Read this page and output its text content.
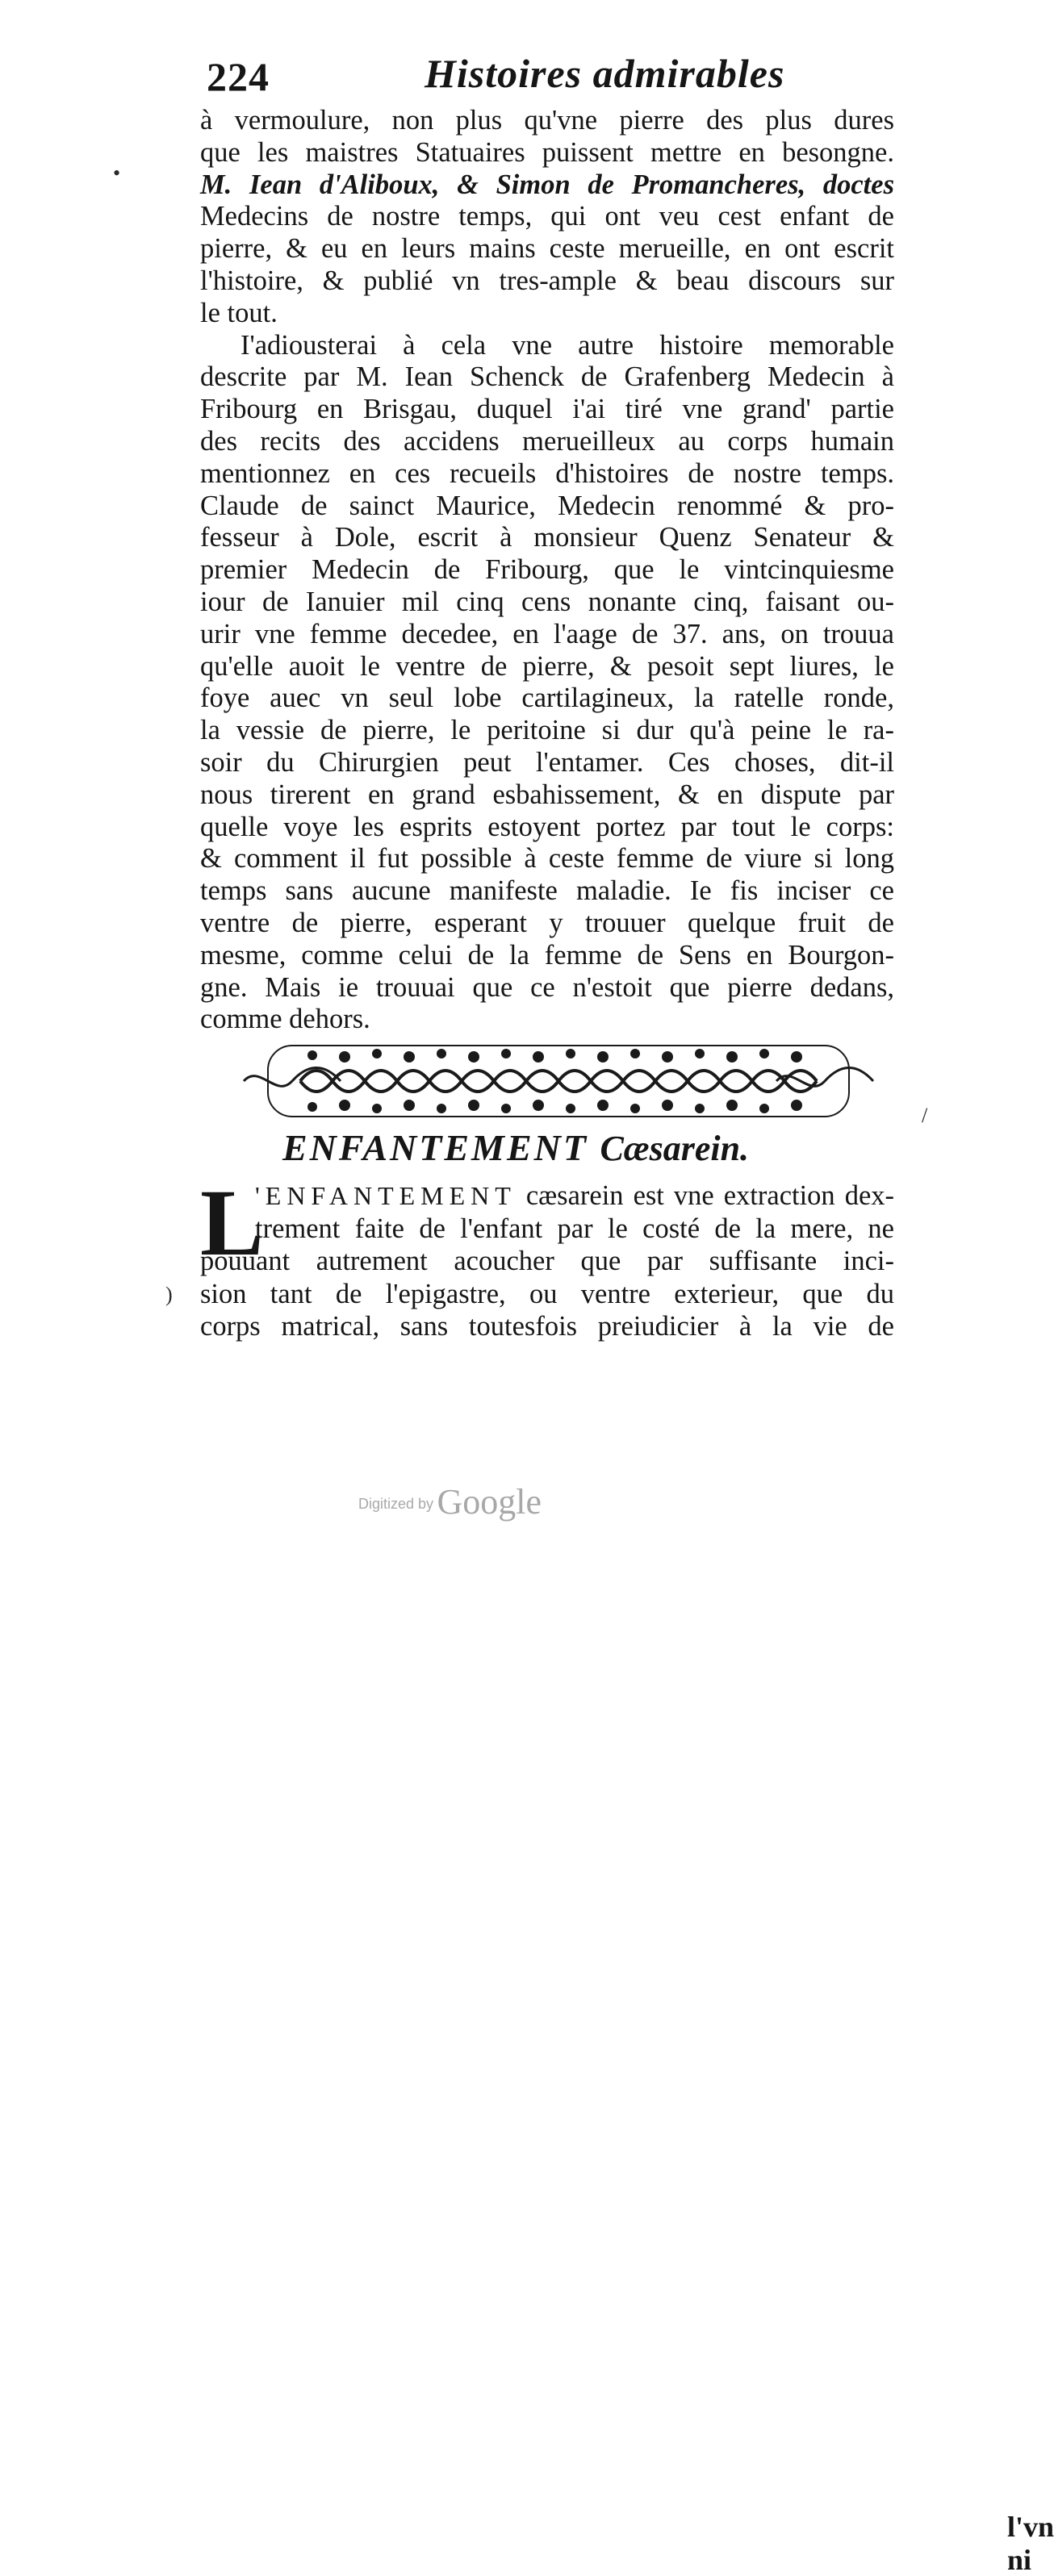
224	Histoires admirables
à vermoulure, non plus qu'vne pierre des plus dures
que les maistres Statuaires puissent mettre en besongne.
M. Iean d'Aliboux, & Simon de Promancheres, doctes
Medecins de nostre temps, qui ont veu cest enfant de
pierre, & eu en leurs mains ceste merueille, en ont escrit
l'histoire, & publié vn tres-ample & beau discours sur
le tout.
I'adiousterai à cela vne autre histoire memorable
descrite par M. Iean Schenck de Grafenberg Medecin à
Fribourg en Brisgau, duquel i'ai tiré vne grand' partie
des recits des accidens merueilleux au corps humain
mentionnez en ces recueils d'histoires de nostre temps.
Claude de sainct Maurice, Medecin renommé & pro-
fesseur à Dole, escrit à monsieur Quenz Senateur &
premier Medecin de Fribourg, que le vintcinquiesme
iour de Ianuier mil cinq cens nonante cinq, faisant ou-
urir vne femme decedee, en l'aage de 37. ans, on trouua
qu'elle auoit le ventre de pierre, & pesoit sept liures, le
foye auec vn seul lobe cartilagineux, la ratelle ronde,
la vessie de pierre, le peritoine si dur qu'à peine le ra-
soir du Chirurgien peut l'entamer. Ces choses, dit-il
nous tirerent en grand esbahissement, & en dispute par
quelle voye les esprits estoyent portez par tout le corps:
& comment il fut possible à ceste femme de viure si long
temps sans aucune manifeste maladie. Ie fis inciser ce
ventre de pierre, esperant y trouuer quelque fruit de
mesme, comme celui de la femme de Sens en Bourgon-
gne. Mais ie trouuai que ce n'estoit que pierre dedans,
comme dehors.
ENFANTEMENT Cæsarein.
L
'ENFANTEMENT cæsarein est vne extraction dex-
trement faite de l'enfant par le costé de la mere, ne
pouuant autrement acoucher que par suffisante inci-
sion tant de l'epigastre, ou ventre exterieur, que du
corps matrical, sans toutesfois preiudicier à la vie de
l'vn ni
•
/
)
Digitized by Google
